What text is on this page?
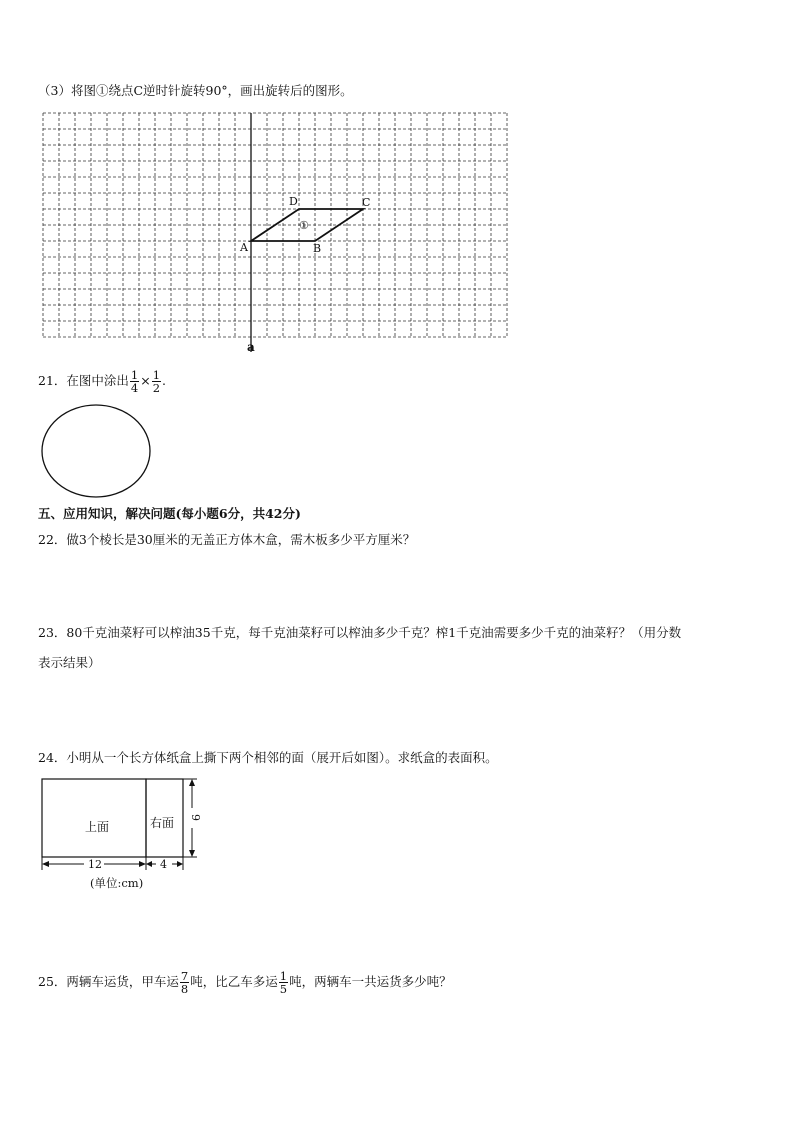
（3）将图①绕点C逆时针旋转90°，画出旋转后的图形。
A	B
C
D
①
a
上面	右面
12	4
9
(单位:cm)
21．在图中涂出 $\frac{1}{4} \times \frac{1}{2}$ .
五、应用知识，解决问题(每小题6分，共42分)
22．做3个棱长是30厘米的无盖正方体木盒，需木板多少平方厘米？
23．80千克油菜籽可以榨油35千克，每千克油菜籽可以榨油多少千克？榨1千克油需要多少千克的油菜籽？（用分数
表示结果）
24．小明从一个长方体纸盒上撕下两个相邻的面（展开后如图）。求纸盒的表面积。
25．两辆车运货，甲车运 $\frac{7}{8}$ 吨，比乙车多运 $\frac{1}{5}$ 吨，两辆车一共运货多少吨？
